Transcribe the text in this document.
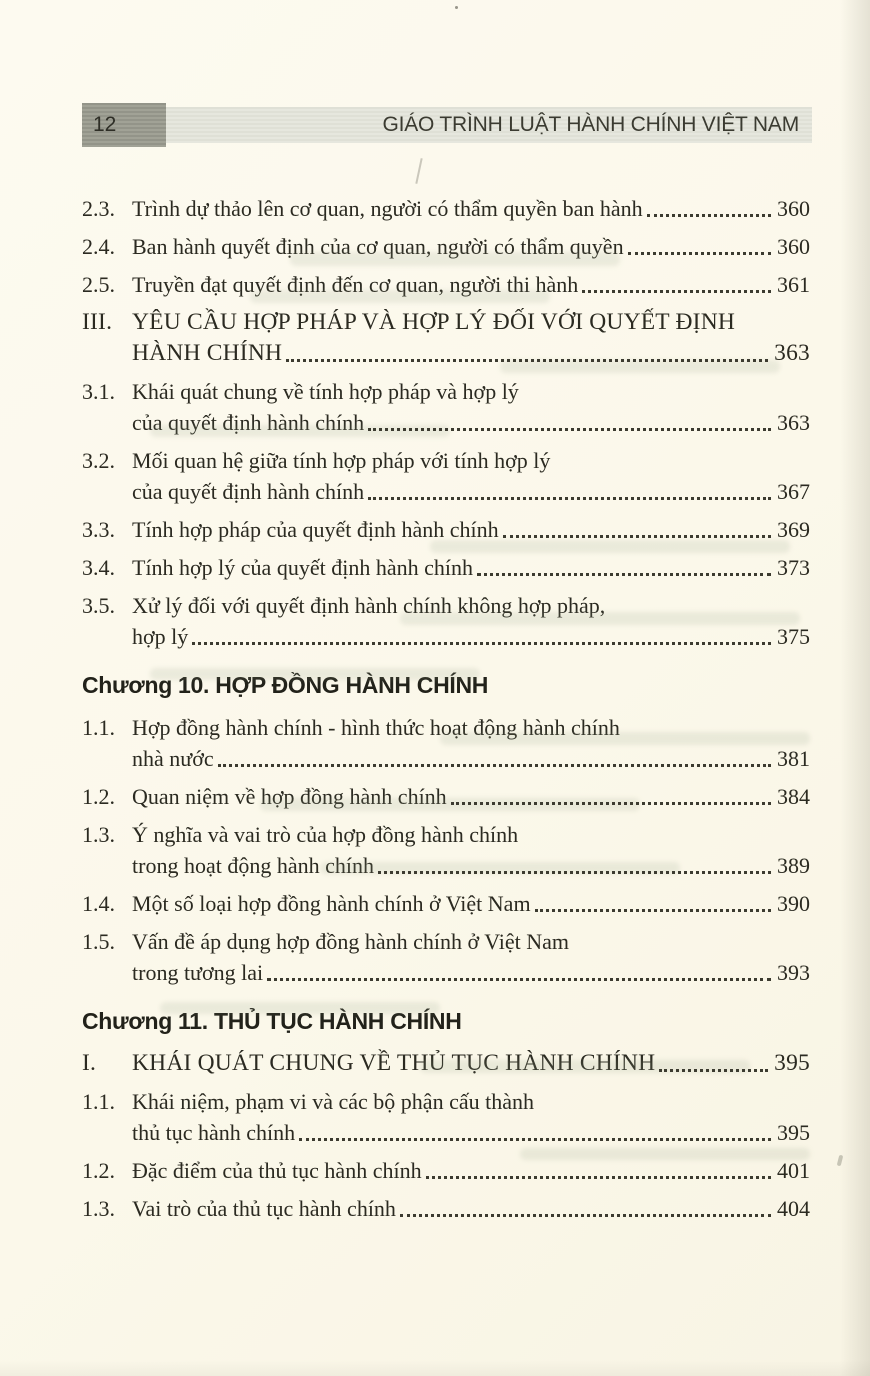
12	GIÁO TRÌNH LUẬT HÀNH CHÍNH VIỆT NAM
2.3. Trình dự thảo lên cơ quan, người có thẩm quyền ban hành	360
2.4. Ban hành quyết định của cơ quan, người có thẩm quyền	360
2.5. Truyền đạt quyết định đến cơ quan, người thi hành	361
III. YÊU CẦU HỢP PHÁP VÀ HỢP LÝ ĐỐI VỚI QUYẾT ĐỊNH
HÀNH CHÍNH	363
3.1. Khái quát chung về tính hợp pháp và hợp lý
của quyết định hành chính	363
3.2. Mối quan hệ giữa tính hợp pháp với tính hợp lý
của quyết định hành chính	367
3.3. Tính hợp pháp của quyết định hành chính	369
3.4. Tính hợp lý của quyết định hành chính	373
3.5. Xử lý đối với quyết định hành chính không hợp pháp,
hợp lý	375
Chương 10. HỢP ĐỒNG HÀNH CHÍNH
1.1. Hợp đồng hành chính - hình thức hoạt động hành chính
nhà nước	381
1.2. Quan niệm về hợp đồng hành chính	384
1.3. Ý nghĩa và vai trò của hợp đồng hành chính
trong hoạt động hành chính	389
1.4. Một số loại hợp đồng hành chính ở Việt Nam	390
1.5. Vấn đề áp dụng hợp đồng hành chính ở Việt Nam
trong tương lai	393
Chương 11. THỦ TỤC HÀNH CHÍNH
I.	KHÁI QUÁT CHUNG VỀ THỦ TỤC HÀNH CHÍNH	395
1.1. Khái niệm, phạm vi và các bộ phận cấu thành
thủ tục hành chính	395
1.2. Đặc điểm của thủ tục hành chính	401
1.3. Vai trò của thủ tục hành chính	404
